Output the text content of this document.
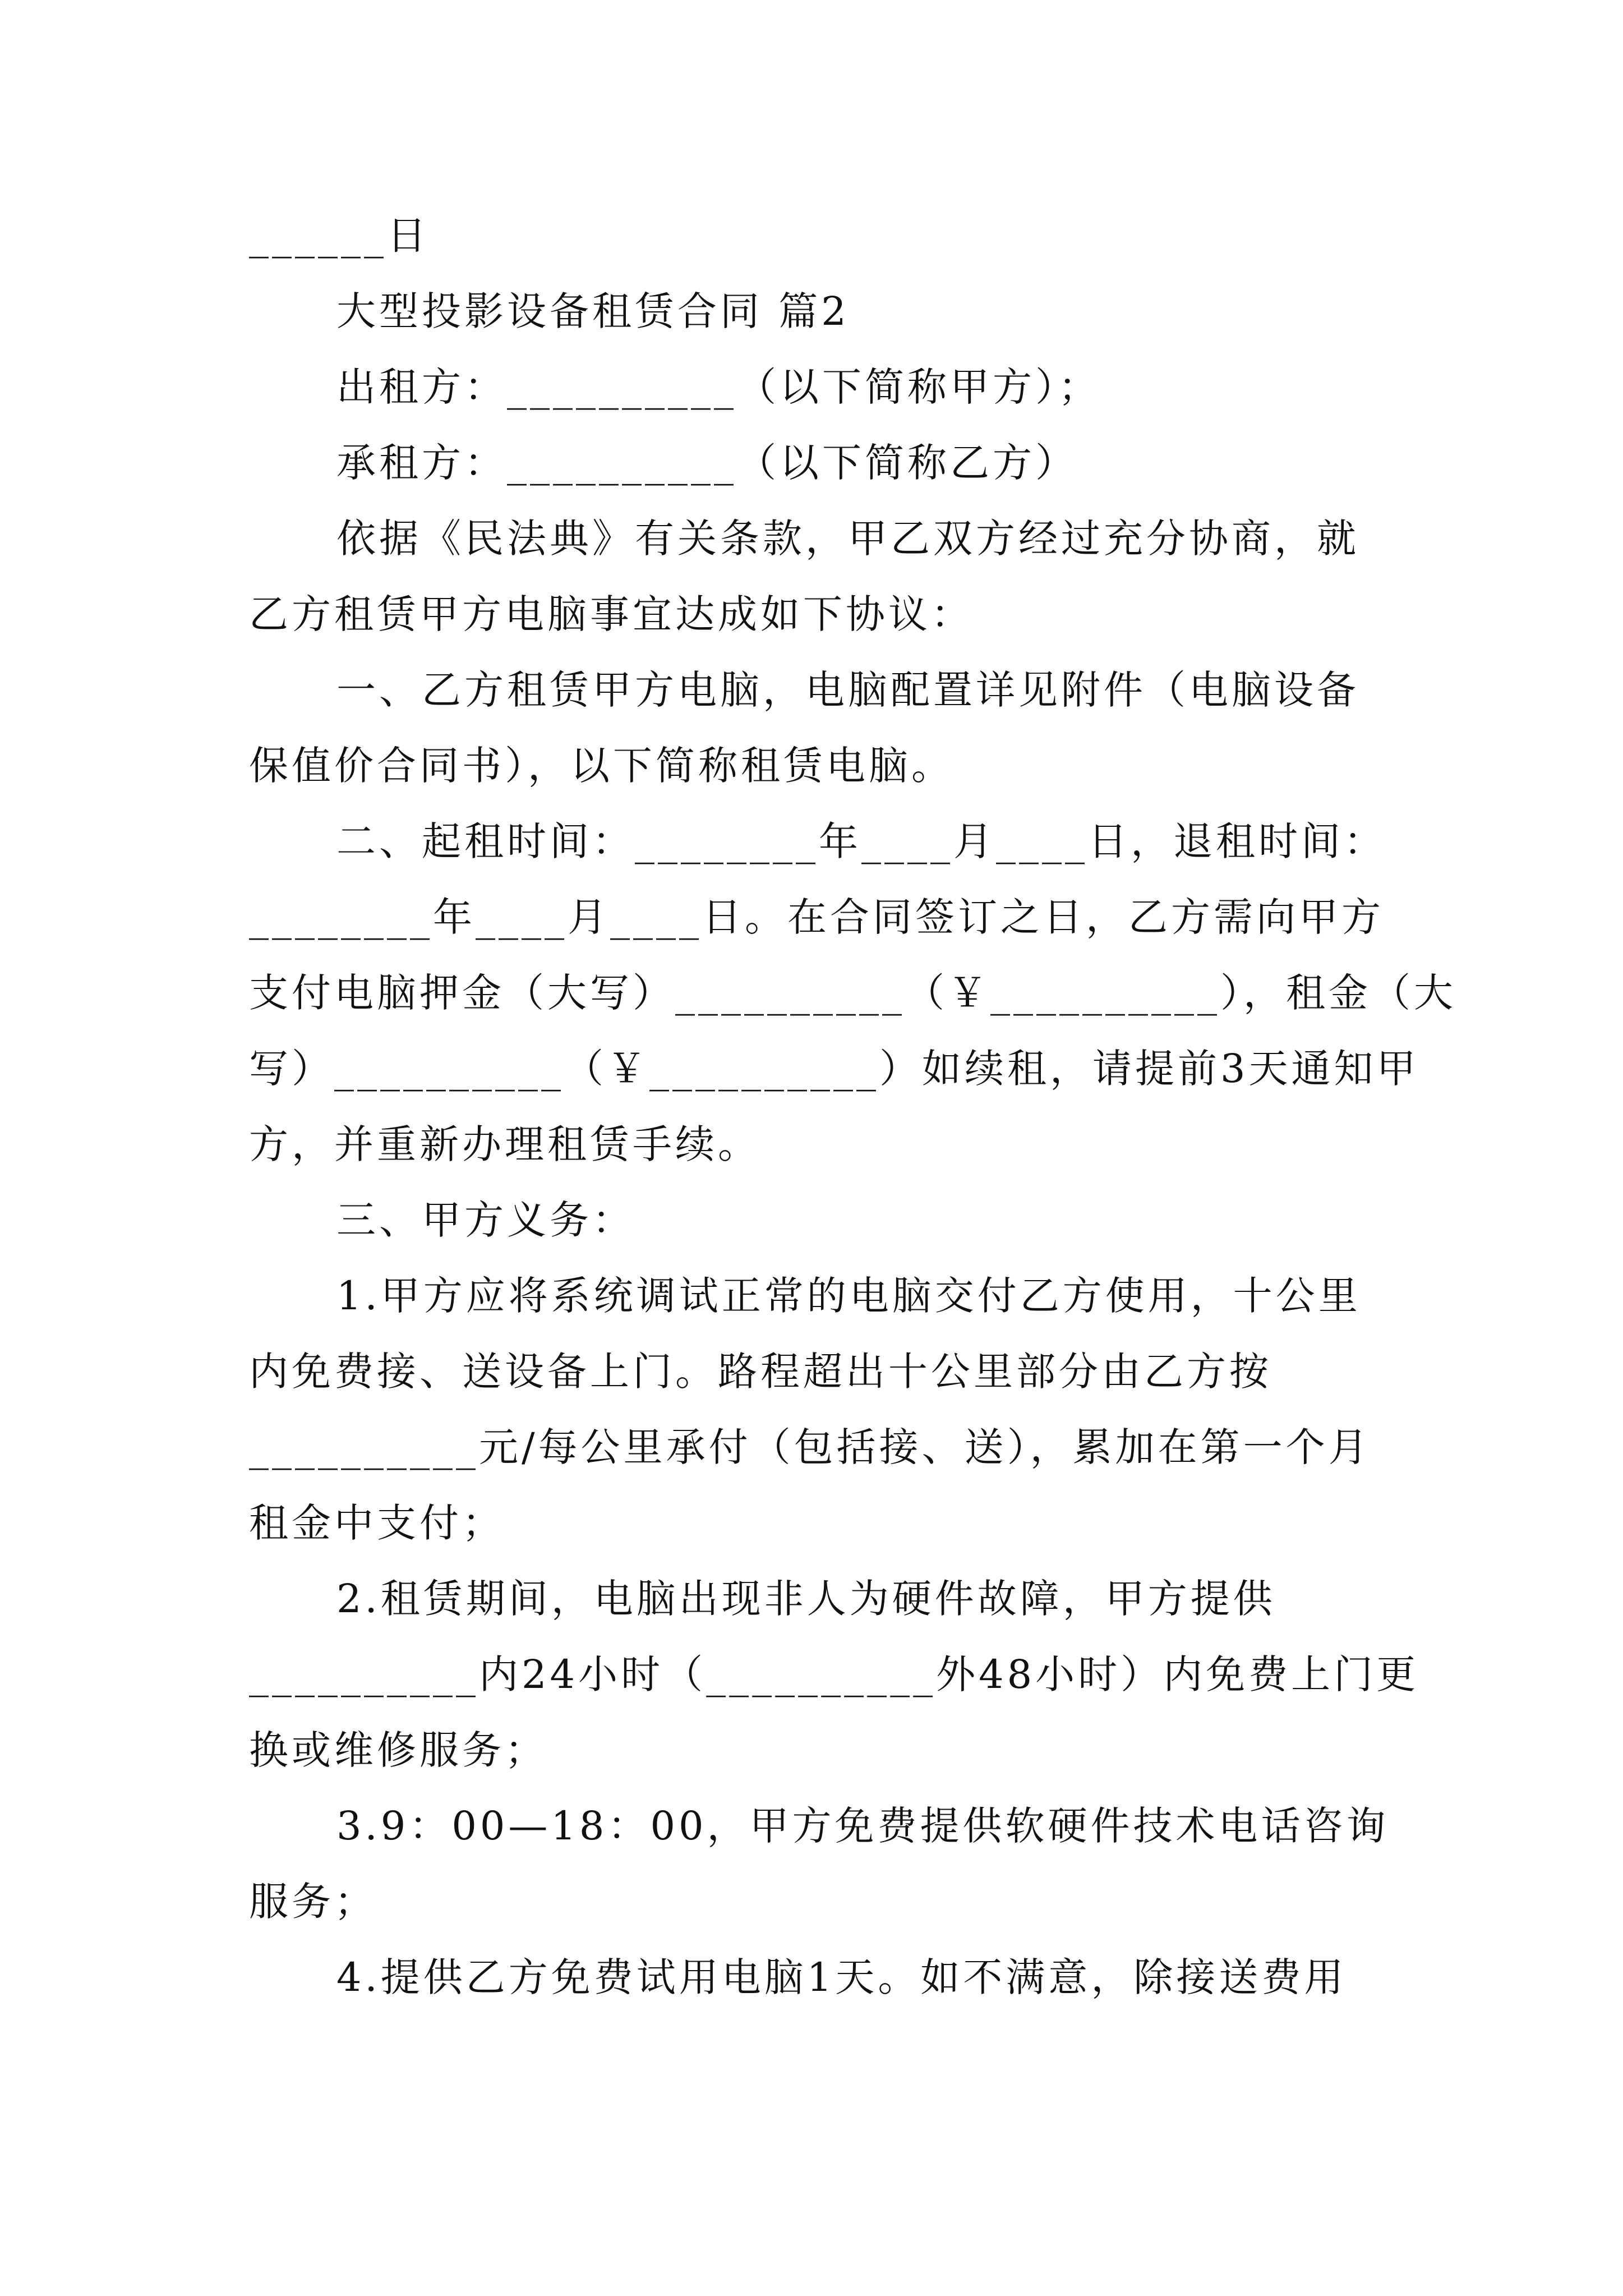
______日
大型投影设备租赁合同 篇2
出租方：__________（以下简称甲方）；
承租方：__________（以下简称乙方）
依据《民法典》有关条款，甲乙双方经过充分协商，就
乙方租赁甲方电脑事宜达成如下协议：
一、乙方租赁甲方电脑，电脑配置详见附件（电脑设备
保值价合同书），以下简称租赁电脑。
二、起租时间：________年____月____日，退租时间：
________年____月____日。在合同签订之日，乙方需向甲方
支付电脑押金（大写）__________（￥__________），租金（大
写）__________（￥__________）如续租，请提前3天通知甲
方，并重新办理租赁手续。
三、甲方义务：
1.甲方应将系统调试正常的电脑交付乙方使用，十公里
内免费接、送设备上门。路程超出十公里部分由乙方按
__________元/每公里承付（包括接、送），累加在第一个月
租金中支付；
2.租赁期间，电脑出现非人为硬件故障，甲方提供
__________内24小时（__________外48小时）内免费上门更
换或维修服务；
3.9：00—18：00，甲方免费提供软硬件技术电话咨询
服务；
4.提供乙方免费试用电脑1天。如不满意，除接送费用
